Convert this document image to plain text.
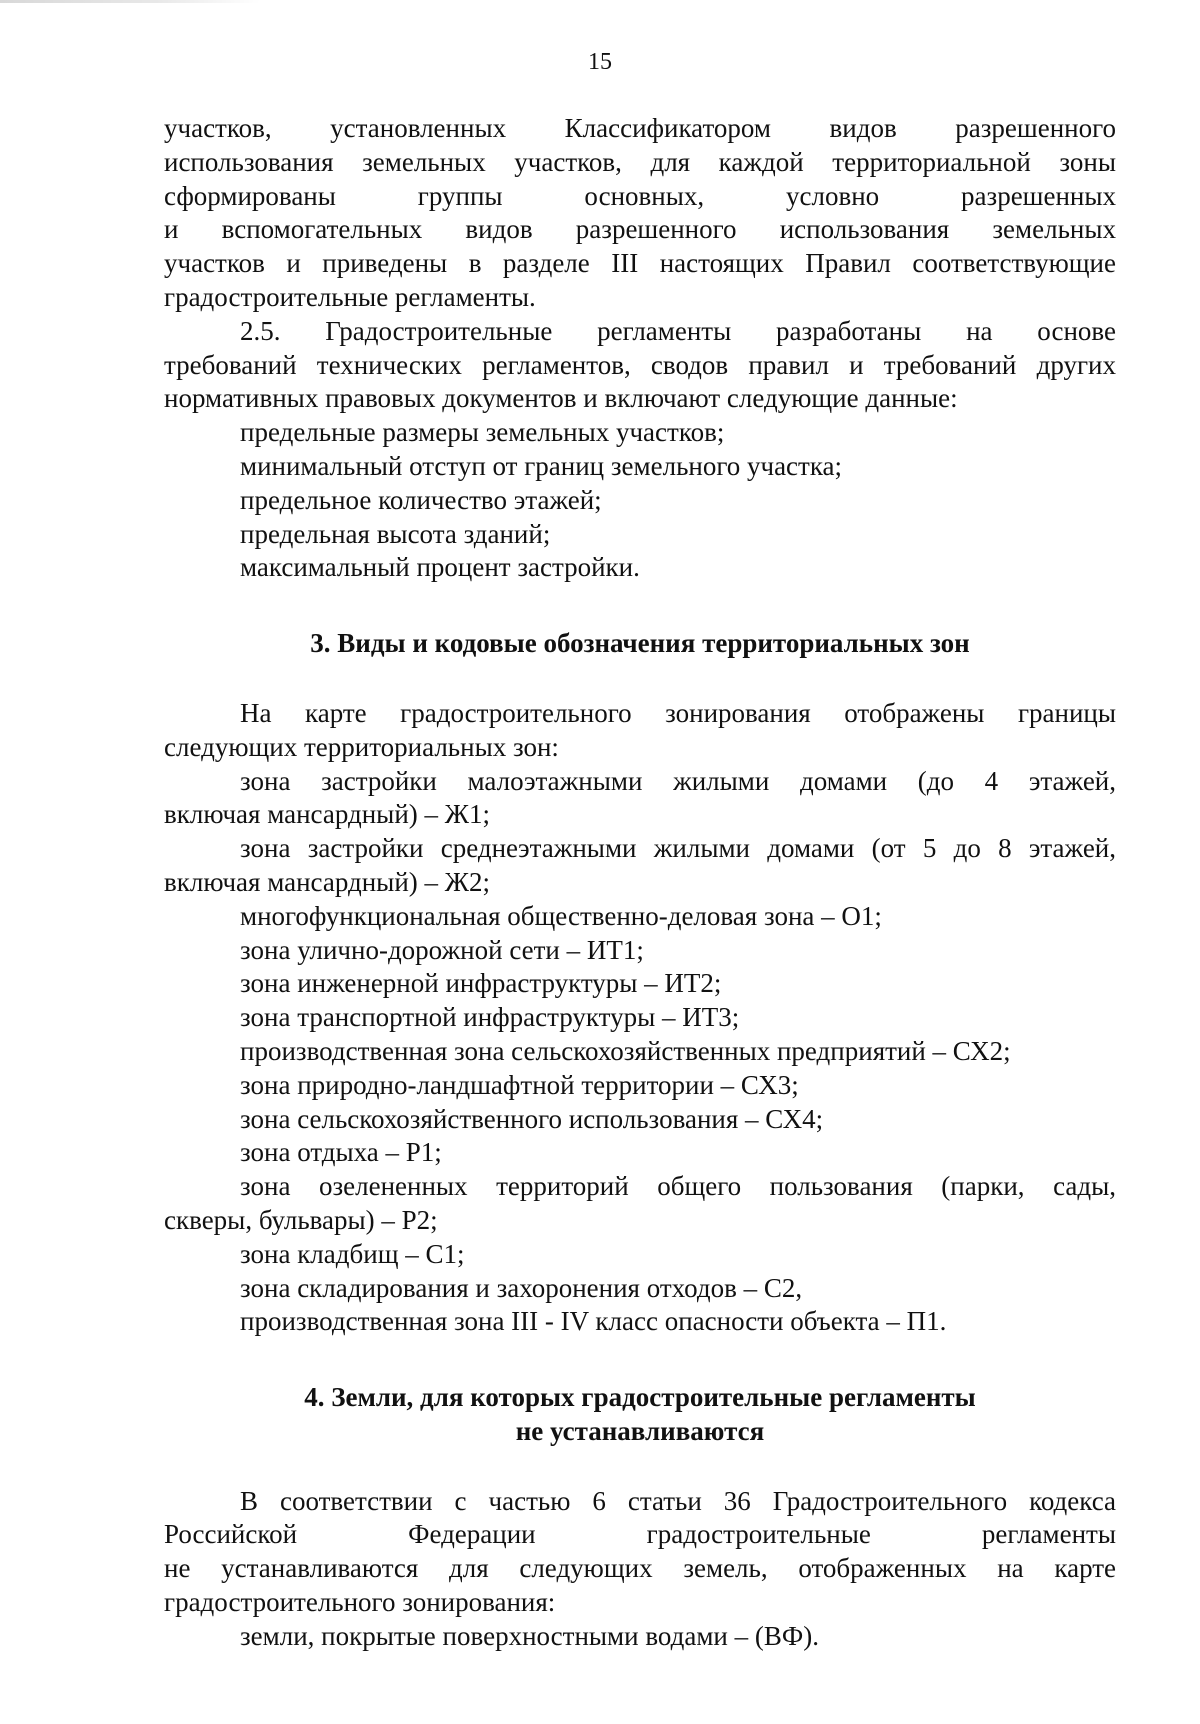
15

участков, установленных Классификатором видов разрешенного

использования земельных участков, для каждой территориальной зоны

сформированы группы основных, условно разрешенных

и вспомогательных видов разрешенного использования земельных

участков и приведены в разделе III настоящих Правил соответствующие

градостроительные регламенты.

2.5. Градостроительные регламенты разработаны на основе

требований технических регламентов, сводов правил и требований других

нормативных правовых документов и включают следующие данные:

предельные размеры земельных участков;

минимальный отступ от границ земельного участка;

предельное количество этажей;

предельная высота зданий;

максимальный процент застройки.

3. Виды и кодовые обозначения территориальных зон

На карте градостроительного зонирования отображены границы

следующих территориальных зон:

зона застройки малоэтажными жилыми домами (до 4 этажей,

включая мансардный) – Ж1;

зона застройки среднеэтажными жилыми домами (от 5 до 8 этажей,

включая мансардный) – Ж2;

многофункциональная общественно-деловая зона – О1;

зона улично-дорожной сети – ИТ1;

зона инженерной инфраструктуры – ИТ2;

зона транспортной инфраструктуры – ИТ3;

производственная зона сельскохозяйственных предприятий – СХ2;

зона природно-ландшафтной территории – СХ3;

зона сельскохозяйственного использования – СХ4;

зона отдыха – Р1;

зона озелененных территорий общего пользования (парки, сады,

скверы, бульвары) – Р2;

зона кладбищ – С1;

зона складирования и захоронения отходов – С2,

производственная зона III - IV класс опасности объекта – П1.

4. Земли, для которых градостроительные регламенты

не устанавливаются

В соответствии с частью 6 статьи 36 Градостроительного кодекса

Российской Федерации градостроительные регламенты

не устанавливаются для следующих земель, отображенных на карте

градостроительного зонирования:

земли, покрытые поверхностными водами – (ВФ).
